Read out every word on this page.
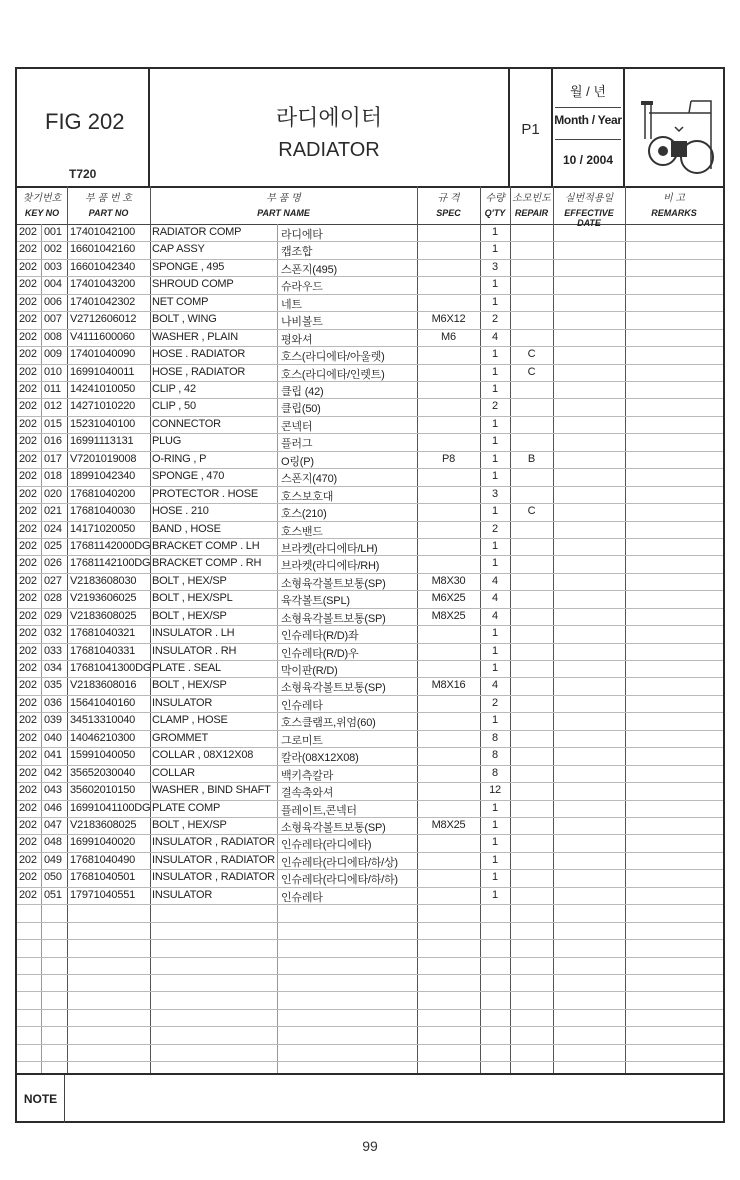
FIG 202
T720
라디에이터
RADIATOR
P1
월 / 년
Month / Year
10 / 2004
찾기번호
KEY NO
부 품 번 호
PART NO
부 품 명
PART NAME
규 격
SPEC
수량
Q'TY
소모빈도
REPAIR
실번적용일
EFFECTIVE DATE
비 고
REMARKS
202 001 17401042100	RADIATOR COMP	라디에타	1
202 002 16601042160	CAP ASSY	캡조합	1
202 003 16601042340	SPONGE , 495	스폰지(495)	3
202 004 17401043200	SHROUD COMP	슈라우드	1
202 006 17401042302	NET COMP	네트	1
202 007 V2712606012	BOLT , WING	나비볼트	M6X12	2
202 008 V4111600060	WASHER , PLAIN	평와셔	M6	4
202 009 17401040090	HOSE . RADIATOR	호스(라디에타/아울렛)	1	C
202 010 16991040011	HOSE , RADIATOR	호스(라디에타/인렛트)	1	C
202 011 14241010050	CLIP , 42	클립 (42)	1
202 012 14271010220	CLIP , 50	클립(50)	2
202 015 15231040100	CONNECTOR	콘넥터	1
202 016 16991113131	PLUG	플러그	1
202 017 V7201019008	O-RING , P	O링(P)	P8	1	B
202 018 18991042340	SPONGE , 470	스폰지(470)	1
202 020 17681040200	PROTECTOR . HOSE	호스보호대	3
202 021 17681040030	HOSE . 210	호스(210)	1	C
202 024 14171020050	BAND , HOSE	호스밴드	2
202 025 17681142000DG BRACKET COMP . LH	브라켓(라디에타/LH)	1
202 026 17681142100DG BRACKET COMP . RH	브라켓(라디에타/RH)	1
202 027 V2183608030	BOLT , HEX/SP	소형육각볼트보통(SP)	M8X30	4
202 028 V2193606025	BOLT , HEX/SPL	육각볼트(SPL)	M6X25	4
202 029 V2183608025	BOLT , HEX/SP	소형육각볼트보통(SP)	M8X25	4
202 032 17681040321	INSULATOR . LH	인슈레타(R/D)좌	1
202 033 17681040331	INSULATOR . RH	인슈레타(R/D)우	1
202 034 17681041300DG PLATE . SEAL	막이판(R/D)	1
202 035 V2183608016	BOLT , HEX/SP	소형육각볼트보통(SP)	M8X16	4
202 036 15641040160	INSULATOR	인슈레타	2
202 039 34513310040	CLAMP , HOSE	호스클램프,위엄(60)	1
202 040 14046210300	GROMMET	그로미트	8
202 041 15991040050	COLLAR , 08X12X08	칼라(08X12X08)	8
202 042 35652030040	COLLAR	백키측칼라	8
202 043 35602010150	WASHER , BIND SHAFT 결속축와셔	12
202 046 16991041100DG PLATE COMP	플레이트,콘넥터	1
202 047 V2183608025	BOLT , HEX/SP	소형육각볼트보통(SP)	M8X25	1
202 048 16991040020	INSULATOR , RADIATOR 인슈레타(라디에타)	1
202 049 17681040490	INSULATOR , RADIATOR 인슈레타(라디에타/하/상)	1
202 050 17681040501	INSULATOR , RADIATOR 인슈레타(라디에타/하/하)	1
202 051 17971040551	INSULATOR	인슈레타	1
NOTE
99
